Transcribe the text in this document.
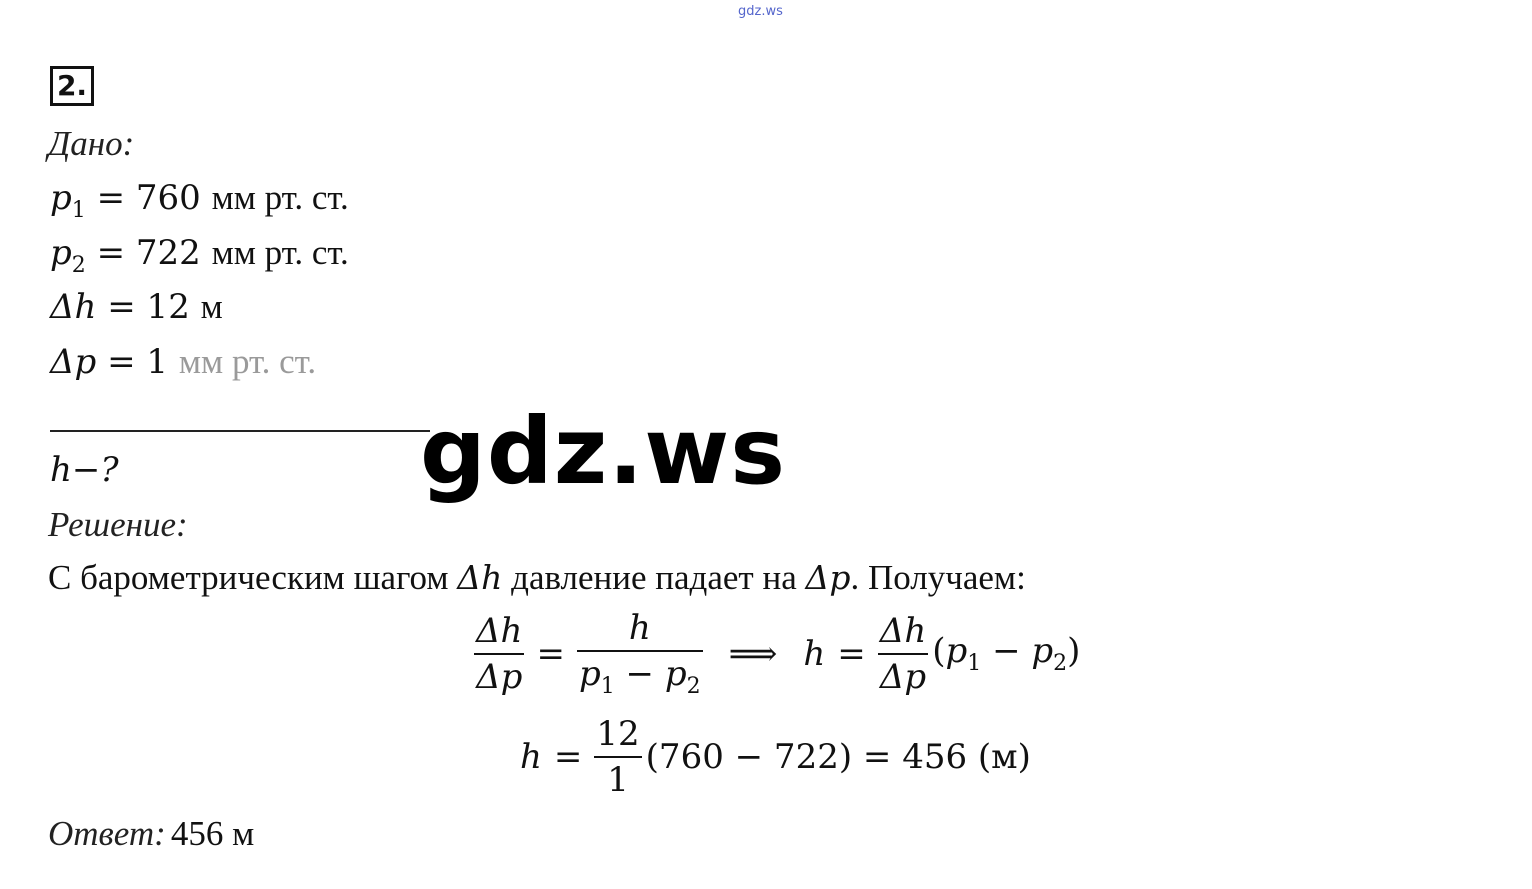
gdz.ws
2.
Дано:
$p_1 = 760$ мм рт. ст.
$p_2 = 722$ мм рт. ст.
Δh = 12 м
Δp = 1 мм рт. ст.
gdz.ws
h−?
Решение:
С барометрическим шагом Δh давление падает на Δp. Получаем:
$\frac{\Delta h}{\Delta p} = \frac{h}{p_1 - p_2}$ ⟹ $h = \frac{\Delta h}{\Delta p} (p_1 - p_2)$
$h = \frac{12}{1} (760 - 722) = 456$ (м)
Ответ: 456 м
